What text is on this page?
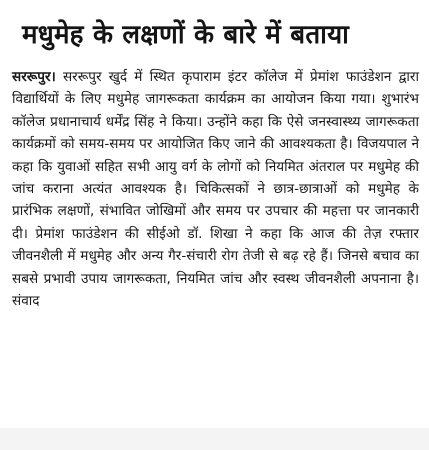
मधुमेह के लक्षणों के बारे में बताया

सररूपुर। सररूपुर खुर्द में स्थित कृपाराम इंटर कॉलेज में प्रेमांश फाउंडेशन द्वारा विद्यार्थियों के लिए मधुमेह जागरूकता कार्यक्रम का आयोजन किया गया। शुभारंभ कॉलेज प्रधानाचार्य धर्मेंद्र सिंह ने किया। उन्होंने कहा कि ऐसे जनस्वास्थ्य जागरूकता कार्यक्रमों को समय-समय पर आयोजित किए जाने की आवश्यकता है। विजयपाल ने कहा कि युवाओं सहित सभी आयु वर्ग के लोगों को नियमित अंतराल पर मधुमेह की जांच कराना अत्यंत आवश्यक है। चिकित्सकों ने छात्र-छात्राओं को मधुमेह के प्रारंभिक लक्षणों, संभावित जोखिमों और समय पर उपचार की महत्ता पर जानकारी दी। प्रेमांश फाउंडेशन की सीईओ डॉ. शिखा ने कहा कि आज की तेज़ रफ्तार जीवनशैली में मधुमेह और अन्य गैर-संचारी रोग तेजी से बढ़ रहे हैं। जिनसे बचाव का सबसे प्रभावी उपाय जागरूकता, नियमित जांच और स्वस्थ जीवनशैली अपनाना है। संवाद
